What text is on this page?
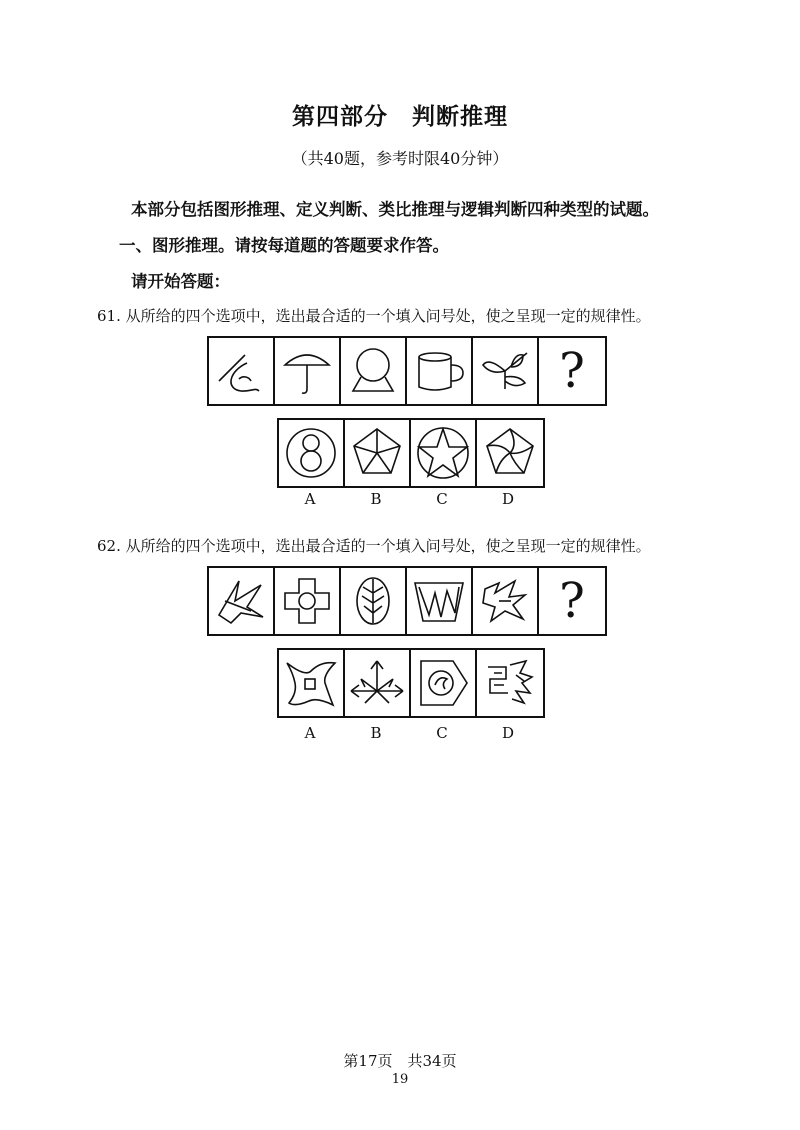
第四部分　判断推理
（共40题，参考时限40分钟）
本部分包括图形推理、定义判断、类比推理与逻辑判断四种类型的试题。
一、图形推理。请按每道题的答题要求作答。
请开始答题：
61. 从所给的四个选项中，选出最合适的一个填入问号处，使之呈现一定的规律性。
?
A	B	C	D
62. 从所给的四个选项中，选出最合适的一个填入问号处，使之呈现一定的规律性。
?
A	B	C	D
第17页　共34页
19
